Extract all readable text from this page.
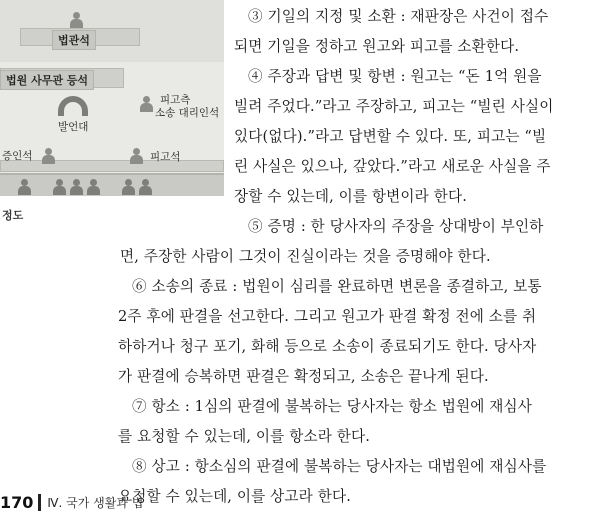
법관석
법원 사무관 등석
피고측
소송 대리인석
발언대
증인석	피고석
정도
③ 기일의 지정 및 소환 : 재판장은 사건이 접수
되면 기일을 정하고 원고와 피고를 소환한다.
④ 주장과 답변 및 항변 : 원고는 “돈 1억 원을
빌려 주었다.”라고 주장하고, 피고는 “빌린 사실이
있다(없다).”라고 답변할 수 있다. 또, 피고는 “빌
린 사실은 있으나, 갚았다.”라고 새로운 사실을 주
장할 수 있는데, 이를 항변이라 한다.
⑤ 증명 : 한 당사자의 주장을 상대방이 부인하
면, 주장한 사람이 그것이 진실이라는 것을 증명해야 한다.
⑥ 소송의 종료 : 법원이 심리를 완료하면 변론을 종결하고, 보통
2주 후에 판결을 선고한다. 그리고 원고가 판결 확정 전에 소를 취
하하거나 청구 포기, 화해 등으로 소송이 종료되기도 한다. 당사자
가 판결에 승복하면 판결은 확정되고, 소송은 끝나게 된다.
⑦ 항소 : 1심의 판결에 불복하는 당사자는 항소 법원에 재심사
를 요청할 수 있는데, 이를 항소라 한다.
⑧ 상고 : 항소심의 판결에 불복하는 당사자는 대법원에 재심사를
요청할 수 있는데, 이를 상고라 한다.
170	Ⅳ. 국가 생활과 법
